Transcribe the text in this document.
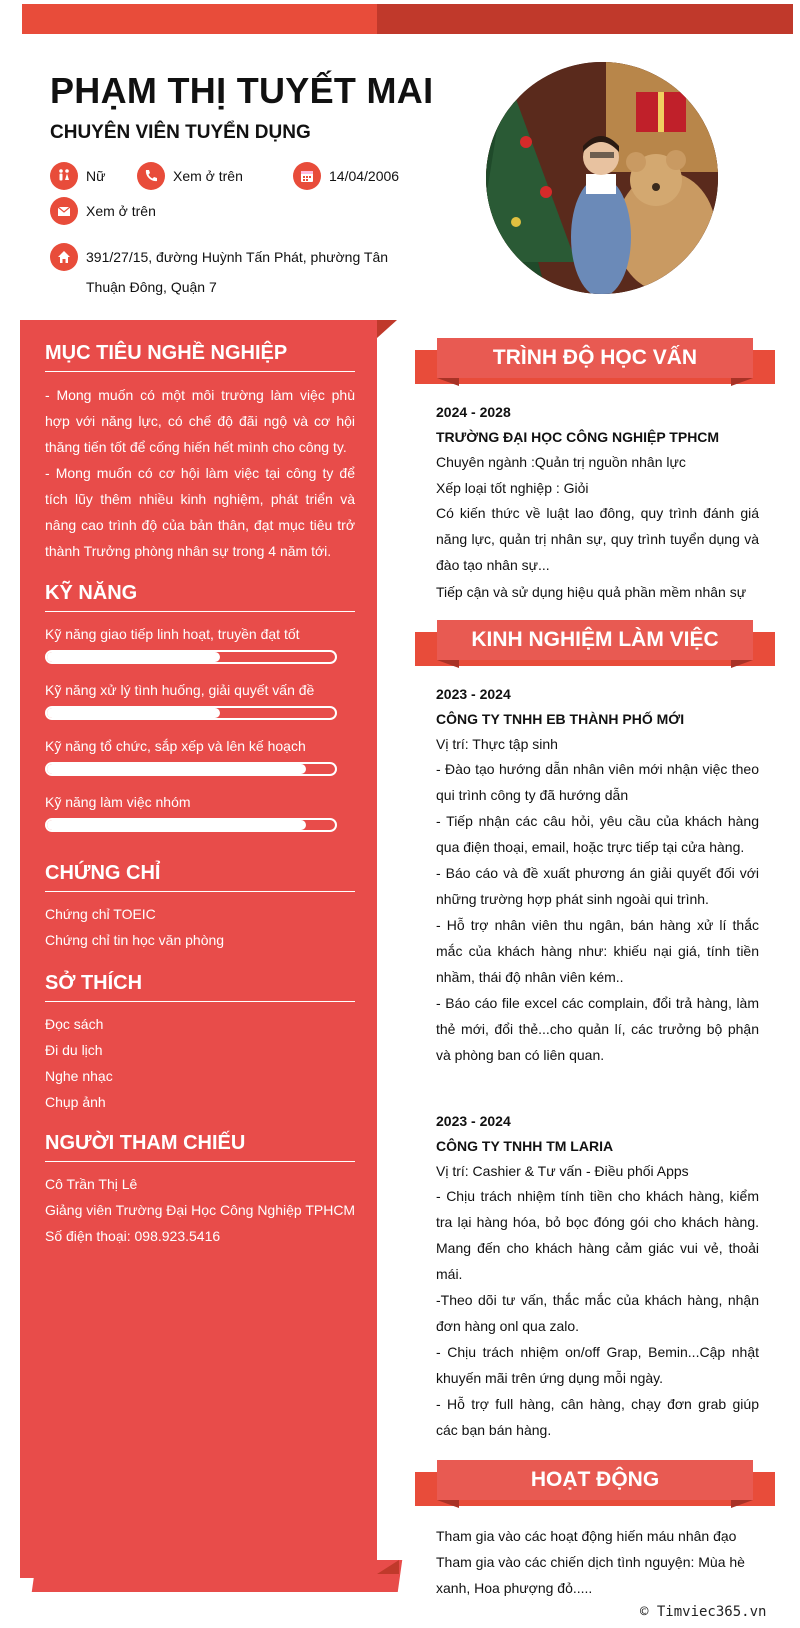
PHẠM THỊ TUYẾT MAI
CHUYÊN VIÊN TUYỂN DỤNG
Nữ	Xem ở trên	14/04/2006
Xem ở trên
391/27/15, đường Huỳnh Tấn Phát, phường Tân Thuận Đông, Quận 7
MỤC TIÊU NGHỀ NGHIỆP
- Mong muốn có một môi trường làm việc phù hợp với năng lực, có chế độ đãi ngộ và cơ hội thăng tiến tốt để cống hiến hết mình cho công ty.
- Mong muốn có cơ hội làm việc tại công ty để tích lũy thêm nhiều kinh nghiệm, phát triển và nâng cao trình độ của bản thân, đạt mục tiêu trở thành Trưởng phòng nhân sự trong 4 năm tới.
KỸ NĂNG
Kỹ năng giao tiếp linh hoạt, truyền đạt tốt
Kỹ năng xử lý tình huống, giải quyết vấn đề
Kỹ năng tổ chức, sắp xếp và lên kế hoạch
Kỹ năng làm việc nhóm
CHỨNG CHỈ
Chứng chỉ TOEIC
Chứng chỉ tin học văn phòng
SỞ THÍCH
Đọc sách
Đi du lịch
Nghe nhạc
Chụp ảnh
NGƯỜI THAM CHIẾU
Cô Trần Thị Lê
Giảng viên Trường Đại Học Công Nghiệp TPHCM
Số điện thoại: 098.923.5416
TRÌNH ĐỘ HỌC VẤN
2024 - 2028
TRƯỜNG ĐẠI HỌC CÔNG NGHIỆP TPHCM
Chuyên ngành :Quản trị nguồn nhân lực
Xếp loại tốt nghiệp : Giỏi
Có kiến thức về luật lao đông, quy trình đánh giá năng lực, quản trị nhân sự, quy trình tuyển dụng và đào tạo nhân sự...
Tiếp cận và sử dụng hiệu quả phần mềm nhân sự
KINH NGHIỆM LÀM VIỆC
2023 - 2024
CÔNG TY TNHH EB THÀNH PHỐ MỚI
Vị trí: Thực tập sinh
- Đào tạo hướng dẫn nhân viên mới nhận việc theo qui trình công ty đã hướng dẫn
- Tiếp nhận các câu hỏi, yêu cầu của khách hàng qua điện thoại, email, hoặc trực tiếp tại cửa hàng.
- Báo cáo và đề xuất phương án giải quyết đối với những trường hợp phát sinh ngoài qui trình.
- Hỗ trợ nhân viên thu ngân, bán hàng xử lí thắc mắc của khách hàng như: khiếu nại giá, tính tiền nhầm, thái độ nhân viên kém..
- Báo cáo file excel các complain, đổi trả hàng, làm thẻ mới, đổi thẻ...cho quản lí, các trưởng bộ phận và phòng ban có liên quan.
2023 - 2024
CÔNG TY TNHH TM LARIA
Vị trí: Cashier & Tư vấn - Điều phối Apps
- Chịu trách nhiệm tính tiền cho khách hàng, kiểm tra lại hàng hóa, bỏ bọc đóng gói cho khách hàng. Mang đến cho khách hàng cảm giác vui vẻ, thoải mái.
-Theo dõi tư vấn, thắc mắc của khách hàng, nhận đơn hàng onl qua zalo.
- Chịu trách nhiệm on/off Grap, Bemin...Cập nhật khuyến mãi trên ứng dụng mỗi ngày.
- Hỗ trợ full hàng, cân hàng, chạy đơn grab giúp các bạn bán hàng.
HOẠT ĐỘNG
Tham gia vào các hoạt động hiến máu nhân đạo
Tham gia vào các chiến dịch tình nguyện: Mùa hè xanh, Hoa phượng đỏ.....
© Timviec365.vn
